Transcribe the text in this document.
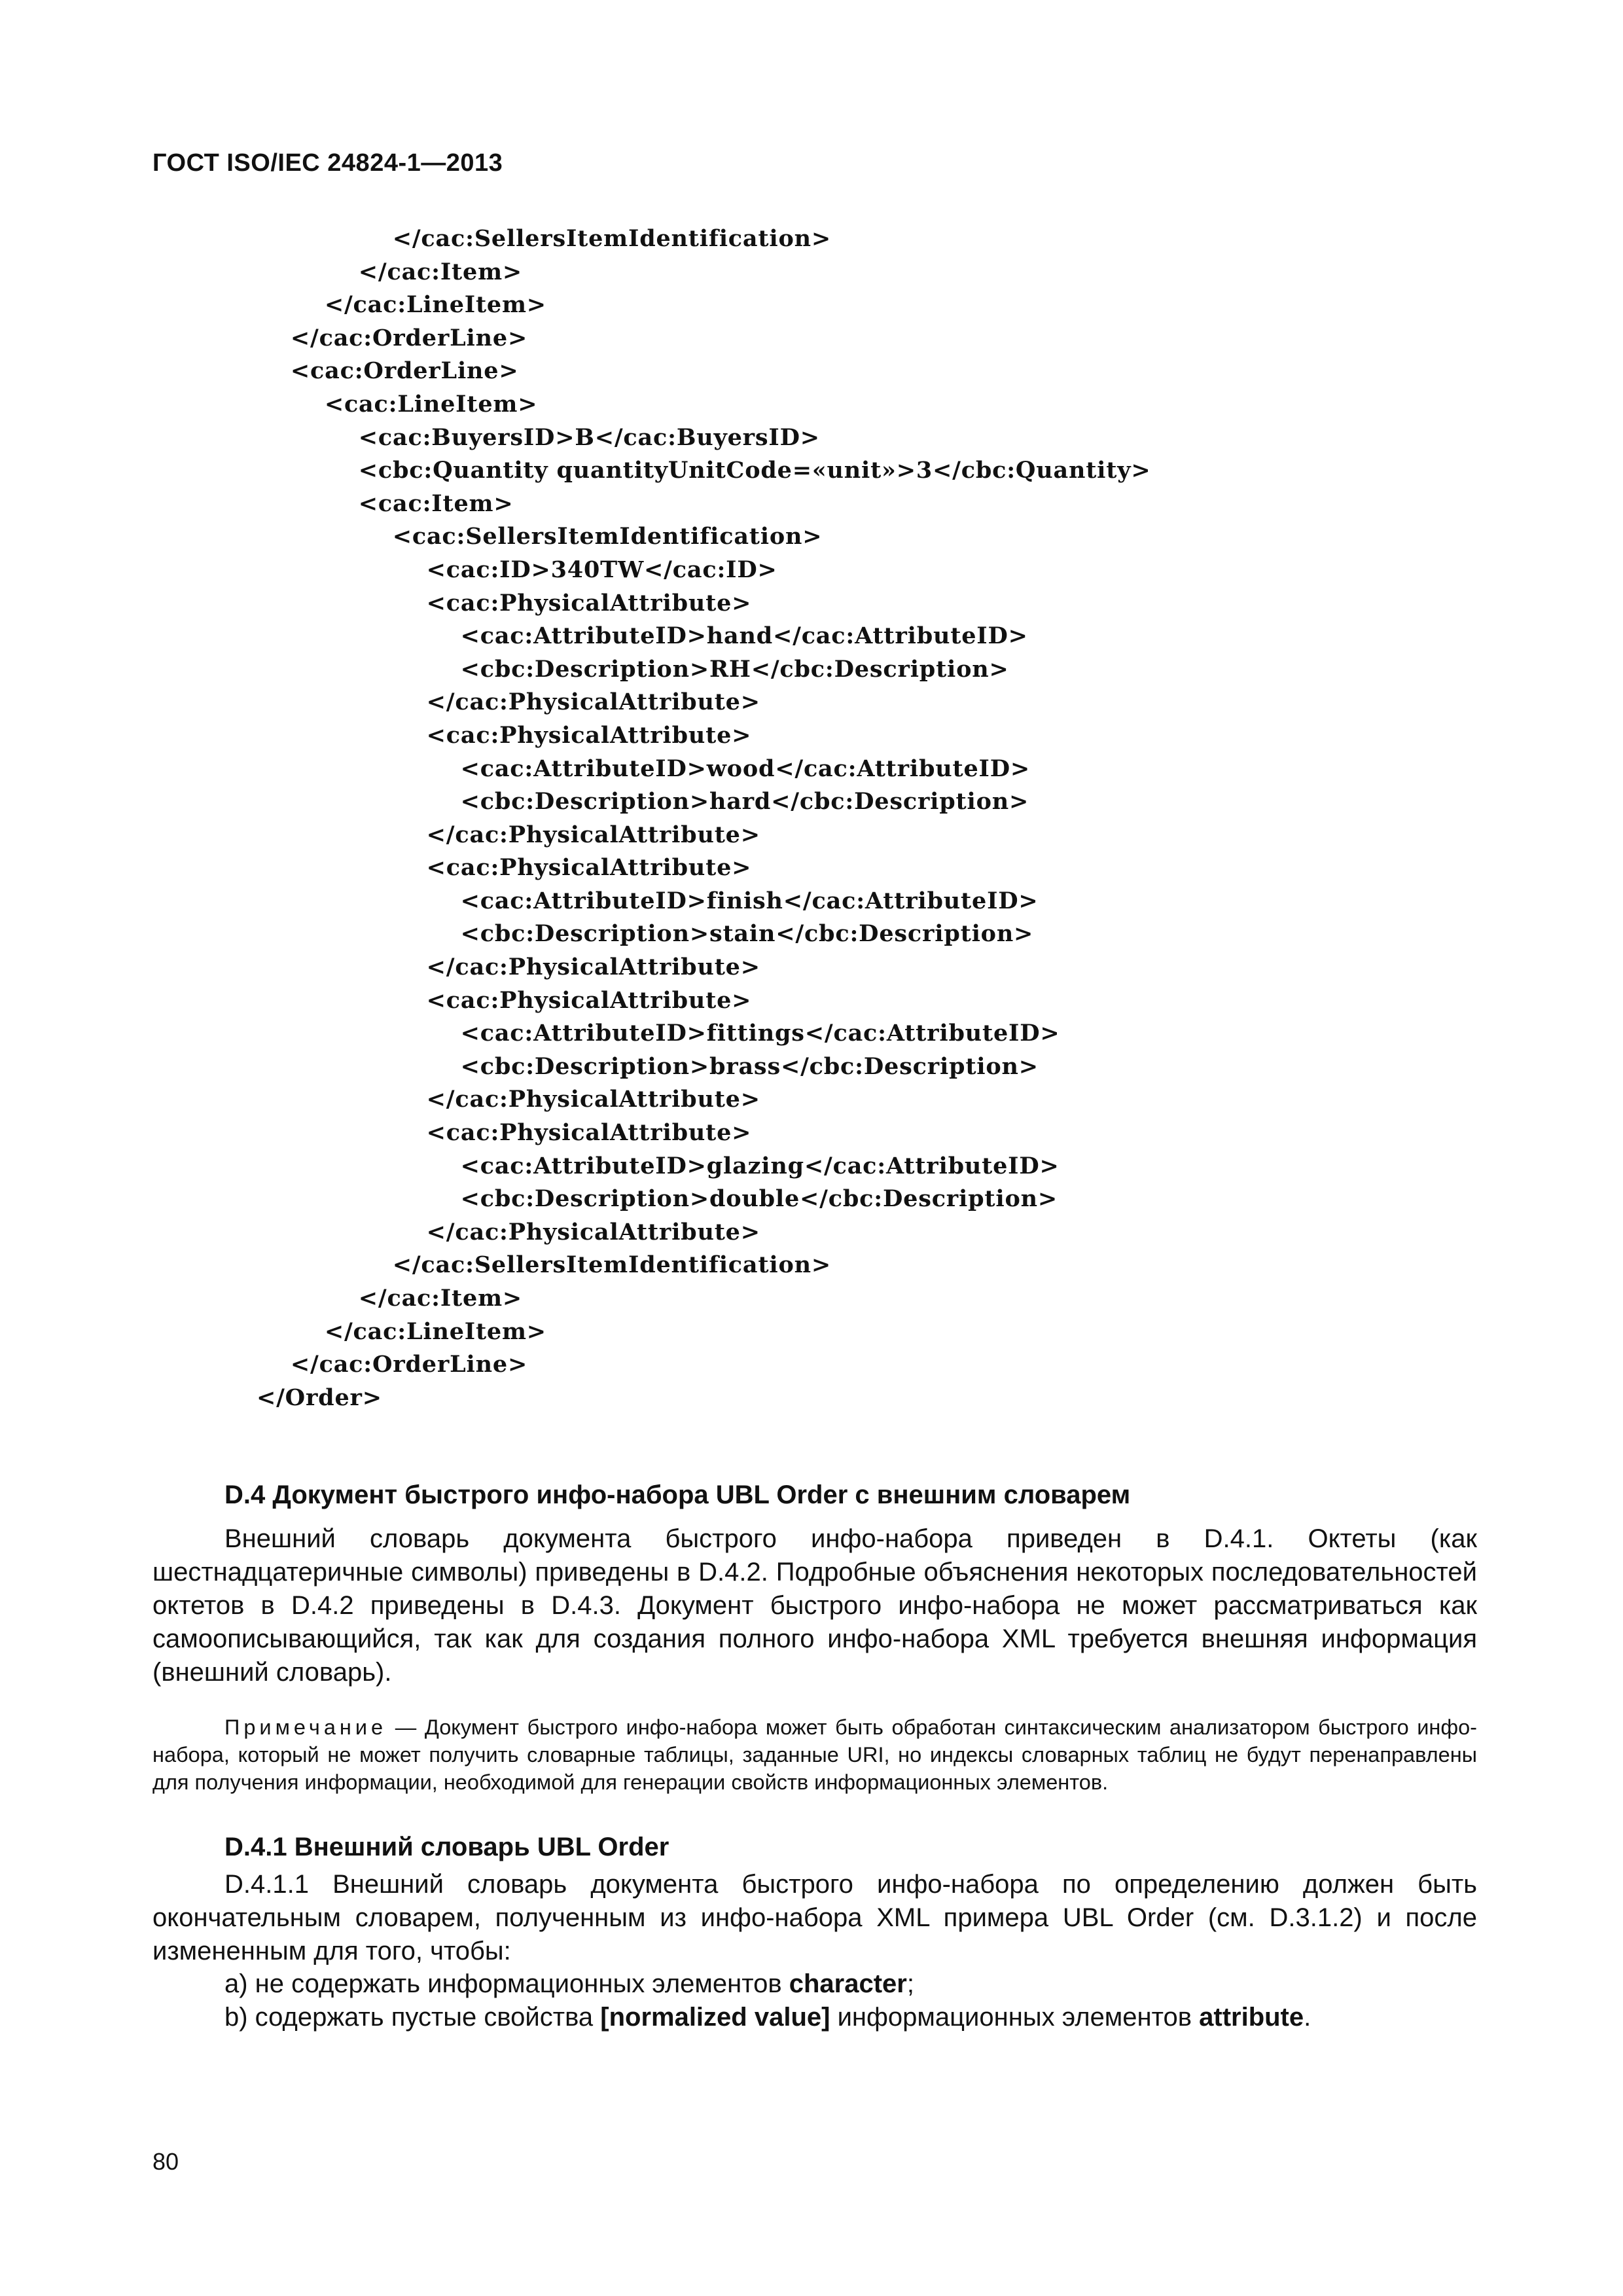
ГОСТ ISO/IEC 24824-1—2013
</cac:SellersItemIdentification>
</cac:Item>
</cac:LineItem>
</cac:OrderLine>
<cac:OrderLine>
<cac:LineItem>
<cac:BuyersID>B</cac:BuyersID>
<cbc:Quantity quantityUnitCode=«unit»>3</cbc:Quantity>
<cac:Item>
<cac:SellersItemIdentification>
<cac:ID>340TW</cac:ID>
<cac:PhysicalAttribute>
<cac:AttributeID>hand</cac:AttributeID>
<cbc:Description>RH</cbc:Description>
</cac:PhysicalAttribute>
<cac:PhysicalAttribute>
<cac:AttributeID>wood</cac:AttributeID>
<cbc:Description>hard</cbc:Description>
</cac:PhysicalAttribute>
<cac:PhysicalAttribute>
<cac:AttributeID>finish</cac:AttributeID>
<cbc:Description>stain</cbc:Description>
</cac:PhysicalAttribute>
<cac:PhysicalAttribute>
<cac:AttributeID>fittings</cac:AttributeID>
<cbc:Description>brass</cbc:Description>
</cac:PhysicalAttribute>
<cac:PhysicalAttribute>
<cac:AttributeID>glazing</cac:AttributeID>
<cbc:Description>double</cbc:Description>
</cac:PhysicalAttribute>
</cac:SellersItemIdentification>
</cac:Item>
</cac:LineItem>
</cac:OrderLine>
</Order>
D.4 Документ быстрого инфо-набора UBL Order с внешним словарем
Внешний словарь документа быстрого инфо-набора приведен в D.4.1. Октеты (как шестнадцатеричные символы) приведены в D.4.2. Подробные объяснения некоторых последовательностей октетов в D.4.2 приведены в D.4.3. Документ быстрого инфо-набора не может рассматриваться как самоописывающийся, так как для создания полного инфо-набора XML требуется внешняя информация (внешний словарь).
Примечание — Документ быстрого инфо-набора может быть обработан синтаксическим анализатором быстрого инфо-набора, который не может получить словарные таблицы, заданные URI, но индексы словарных таблиц не будут перенаправлены для получения информации, необходимой для генерации свойств информационных элементов.
D.4.1 Внешний словарь UBL Order
D.4.1.1 Внешний словарь документа быстрого инфо-набора по определению должен быть окончательным словарем, полученным из инфо-набора XML примера UBL Order (см. D.3.1.2) и после измененным для того, чтобы:
a) не содержать информационных элементов character;
b) содержать пустые свойства [normalized value] информационных элементов attribute.
80
